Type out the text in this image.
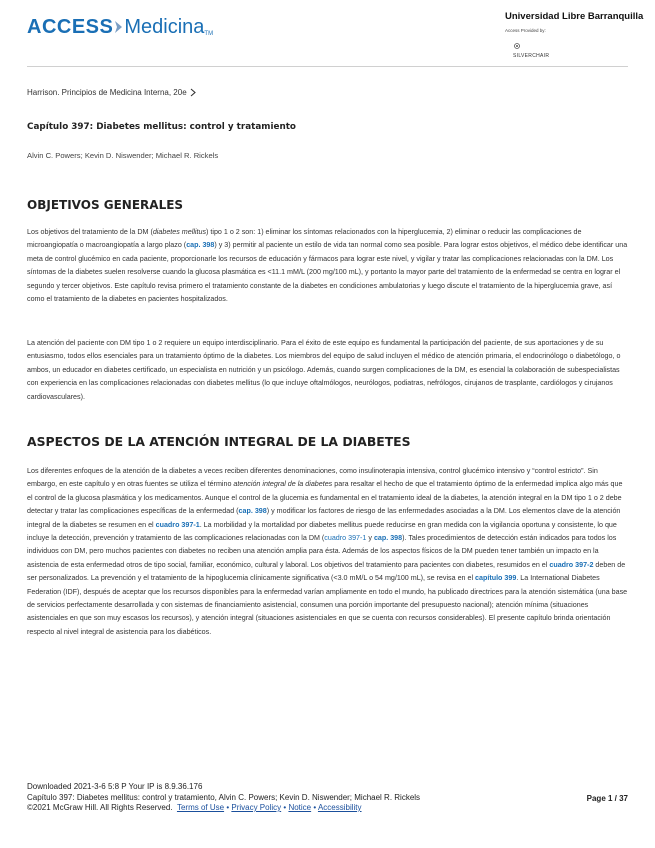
ACCESS Medicina TM
Universidad Libre Barranquilla
Access Provided by:
SILVERCHAIR
Harrison. Principios de Medicina Interna, 20e
Capítulo 397: Diabetes mellitus: control y tratamiento
Alvin C. Powers; Kevin D. Niswender; Michael R. Rickels
OBJETIVOS GENERALES
Los objetivos del tratamiento de la DM (diabetes mellitus) tipo 1 o 2 son: 1) eliminar los síntomas relacionados con la hiperglucemia, 2) eliminar o reducir las complicaciones de microangiopatía o macroangiopatía a largo plazo (cap. 398) y 3) permitir al paciente un estilo de vida tan normal como sea posible. Para lograr estos objetivos, el médico debe identificar una meta de control glucémico en cada paciente, proporcionarle los recursos de educación y fármacos para lograr este nivel, y vigilar y tratar las complicaciones relacionadas con la DM. Los síntomas de la diabetes suelen resolverse cuando la glucosa plasmática es <11.1 mM/L (200 mg/100 mL), y portanto la mayor parte del tratamiento de la enfermedad se centra en lograr el segundo y tercer objetivos. Este capítulo revisa primero el tratamiento constante de la diabetes en condiciones ambulatorias y luego discute el tratamiento de la hiperglucemia grave, así como el tratamiento de la diabetes en pacientes hospitalizados.
La atención del paciente con DM tipo 1 o 2 requiere un equipo interdisciplinario. Para el éxito de este equipo es fundamental la participación del paciente, de sus aportaciones y de su entusiasmo, todos ellos esenciales para un tratamiento óptimo de la diabetes. Los miembros del equipo de salud incluyen el médico de atención primaria, el endocrinólogo o diabetólogo, o ambos, un educador en diabetes certificado, un especialista en nutrición y un psicólogo. Además, cuando surgen complicaciones de la DM, es esencial la colaboración de subespecialistas con experiencia en las complicaciones relacionadas con diabetes mellitus (lo que incluye oftalmólogos, neurólogos, podiatras, nefrólogos, cirujanos de trasplante, cardiólogos y cirujanos cardiovasculares).
ASPECTOS DE LA ATENCIÓN INTEGRAL DE LA DIABETES
Los diferentes enfoques de la atención de la diabetes a veces reciben diferentes denominaciones, como insulinoterapia intensiva, control glucémico intensivo y “control estricto”. Sin embargo, en este capítulo y en otras fuentes se utiliza el término atención integral de la diabetes para resaltar el hecho de que el tratamiento óptimo de la enfermedad implica algo más que el control de la glucosa plasmática y los medicamentos. Aunque el control de la glucemia es fundamental en el tratamiento ideal de la diabetes, la atención integral en la DM tipo 1 o 2 debe detectar y tratar las complicaciones específicas de la enfermedad (cap. 398) y modificar los factores de riesgo de las enfermedades asociadas a la DM. Los elementos clave de la atención integral de la diabetes se resumen en el cuadro 397-1. La morbilidad y la mortalidad por diabetes mellitus puede reducirse en gran medida con la vigilancia oportuna y consistente, lo que incluye la detección, prevención y tratamiento de las complicaciones relacionadas con la DM (cuadro 397-1 y cap. 398). Tales procedimientos de detección están indicados para todos los individuos con DM, pero muchos pacientes con diabetes no reciben una atención amplia para ésta. Además de los aspectos físicos de la DM pueden tener también un impacto en la asistencia de esta enfermedad otros de tipo social, familiar, económico, cultural y laboral. Los objetivos del tratamiento para pacientes con diabetes, resumidos en el cuadro 397-2 deben de ser personalizados. La prevención y el tratamiento de la hipoglucemia clínicamente significativa (<3.0 mM/L o 54 mg/100 mL), se revisa en el capítulo 399. La International Diabetes Federation (IDF), después de aceptar que los recursos disponibles para la enfermedad varían ampliamente en todo el mundo, ha publicado directrices para la atención sistemática (una base de servicios perfectamente desarrollada y con sistemas de financiamiento asistencial, consumen una porción importante del presupuesto nacional); atención mínima (situaciones asistenciales en que son muy escasos los recursos), y atención integral (situaciones asistenciales en que se cuenta con recursos considerables). El presente capítulo brinda orientación respecto al nivel integral de asistencia para los diabéticos.
Downloaded 2021-3-6 5:8 P Your IP is 8.9.36.176
Capítulo 397: Diabetes mellitus: control y tratamiento, Alvin C. Powers; Kevin D. Niswender; Michael R. Rickels
©2021 McGraw Hill. All Rights Reserved. Terms of Use • Privacy Policy • Notice • Accessibility
Page 1 / 37
